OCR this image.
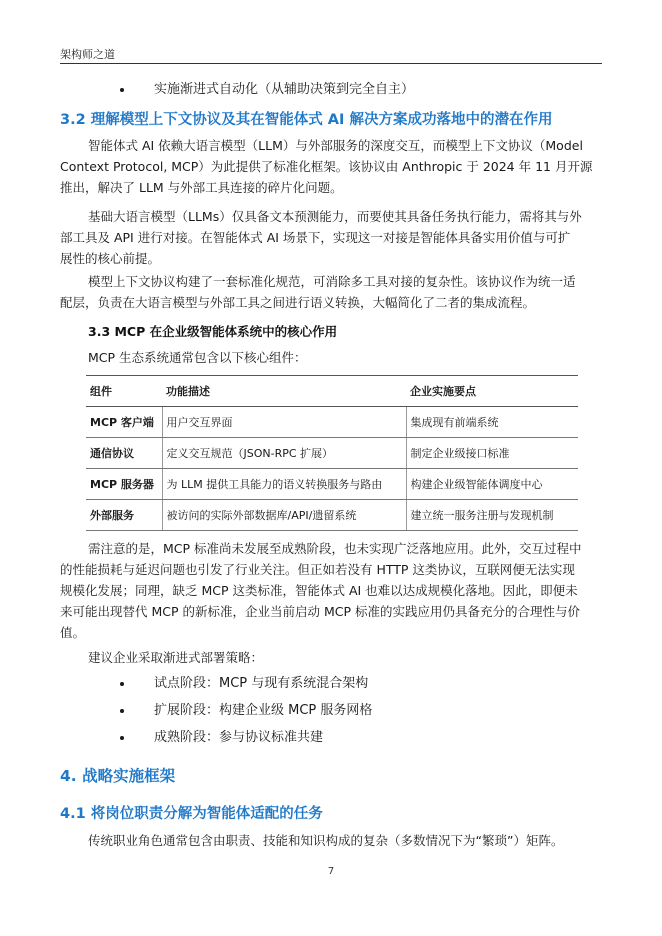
架构师之道
实施渐进式自动化（从辅助决策到完全自主）
3.2 理解模型上下文协议及其在智能体式 AI 解决方案成功落地中的潜在作用
智能体式 AI 依赖大语言模型（LLM）与外部服务的深度交互，而模型上下文协议（Model
Context Protocol, MCP）为此提供了标准化框架。该协议由 Anthropic 于 2024 年 11 月开源
推出，解决了 LLM 与外部工具连接的碎片化问题。
基础大语言模型（LLMs）仅具备文本预测能力，而要使其具备任务执行能力，需将其与外
部工具及 API 进行对接。在智能体式 AI 场景下，实现这一对接是智能体具备实用价值与可扩
展性的核心前提。
模型上下文协议构建了一套标准化规范，可消除多工具对接的复杂性。该协议作为统一适
配层，负责在大语言模型与外部工具之间进行语义转换，大幅简化了二者的集成流程。
3.3 MCP 在企业级智能体系统中的核心作用
MCP 生态系统通常包含以下核心组件：
组件	功能描述	企业实施要点
MCP 客户端	用户交互界面	集成现有前端系统
通信协议	定义交互规范（JSON-RPC 扩展）	制定企业级接口标准
MCP 服务器	为 LLM 提供工具能力的语义转换服务与路由	构建企业级智能体调度中心
外部服务	被访问的实际外部数据库/API/遗留系统	建立统一服务注册与发现机制
需注意的是，MCP 标准尚未发展至成熟阶段，也未实现广泛落地应用。此外，交互过程中
的性能损耗与延迟问题也引发了行业关注。但正如若没有 HTTP 这类协议，互联网便无法实现
规模化发展；同理，缺乏 MCP 这类标准，智能体式 AI 也难以达成规模化落地。因此，即便未
来可能出现替代 MCP 的新标准，企业当前启动 MCP 标准的实践应用仍具备充分的合理性与价
值。
建议企业采取渐进式部署策略：
试点阶段：MCP 与现有系统混合架构
扩展阶段：构建企业级 MCP 服务网格
成熟阶段：参与协议标准共建
4. 战略实施框架
4.1 将岗位职责分解为智能体适配的任务
传统职业角色通常包含由职责、技能和知识构成的复杂（多数情况下为“繁琐”）矩阵。
7
